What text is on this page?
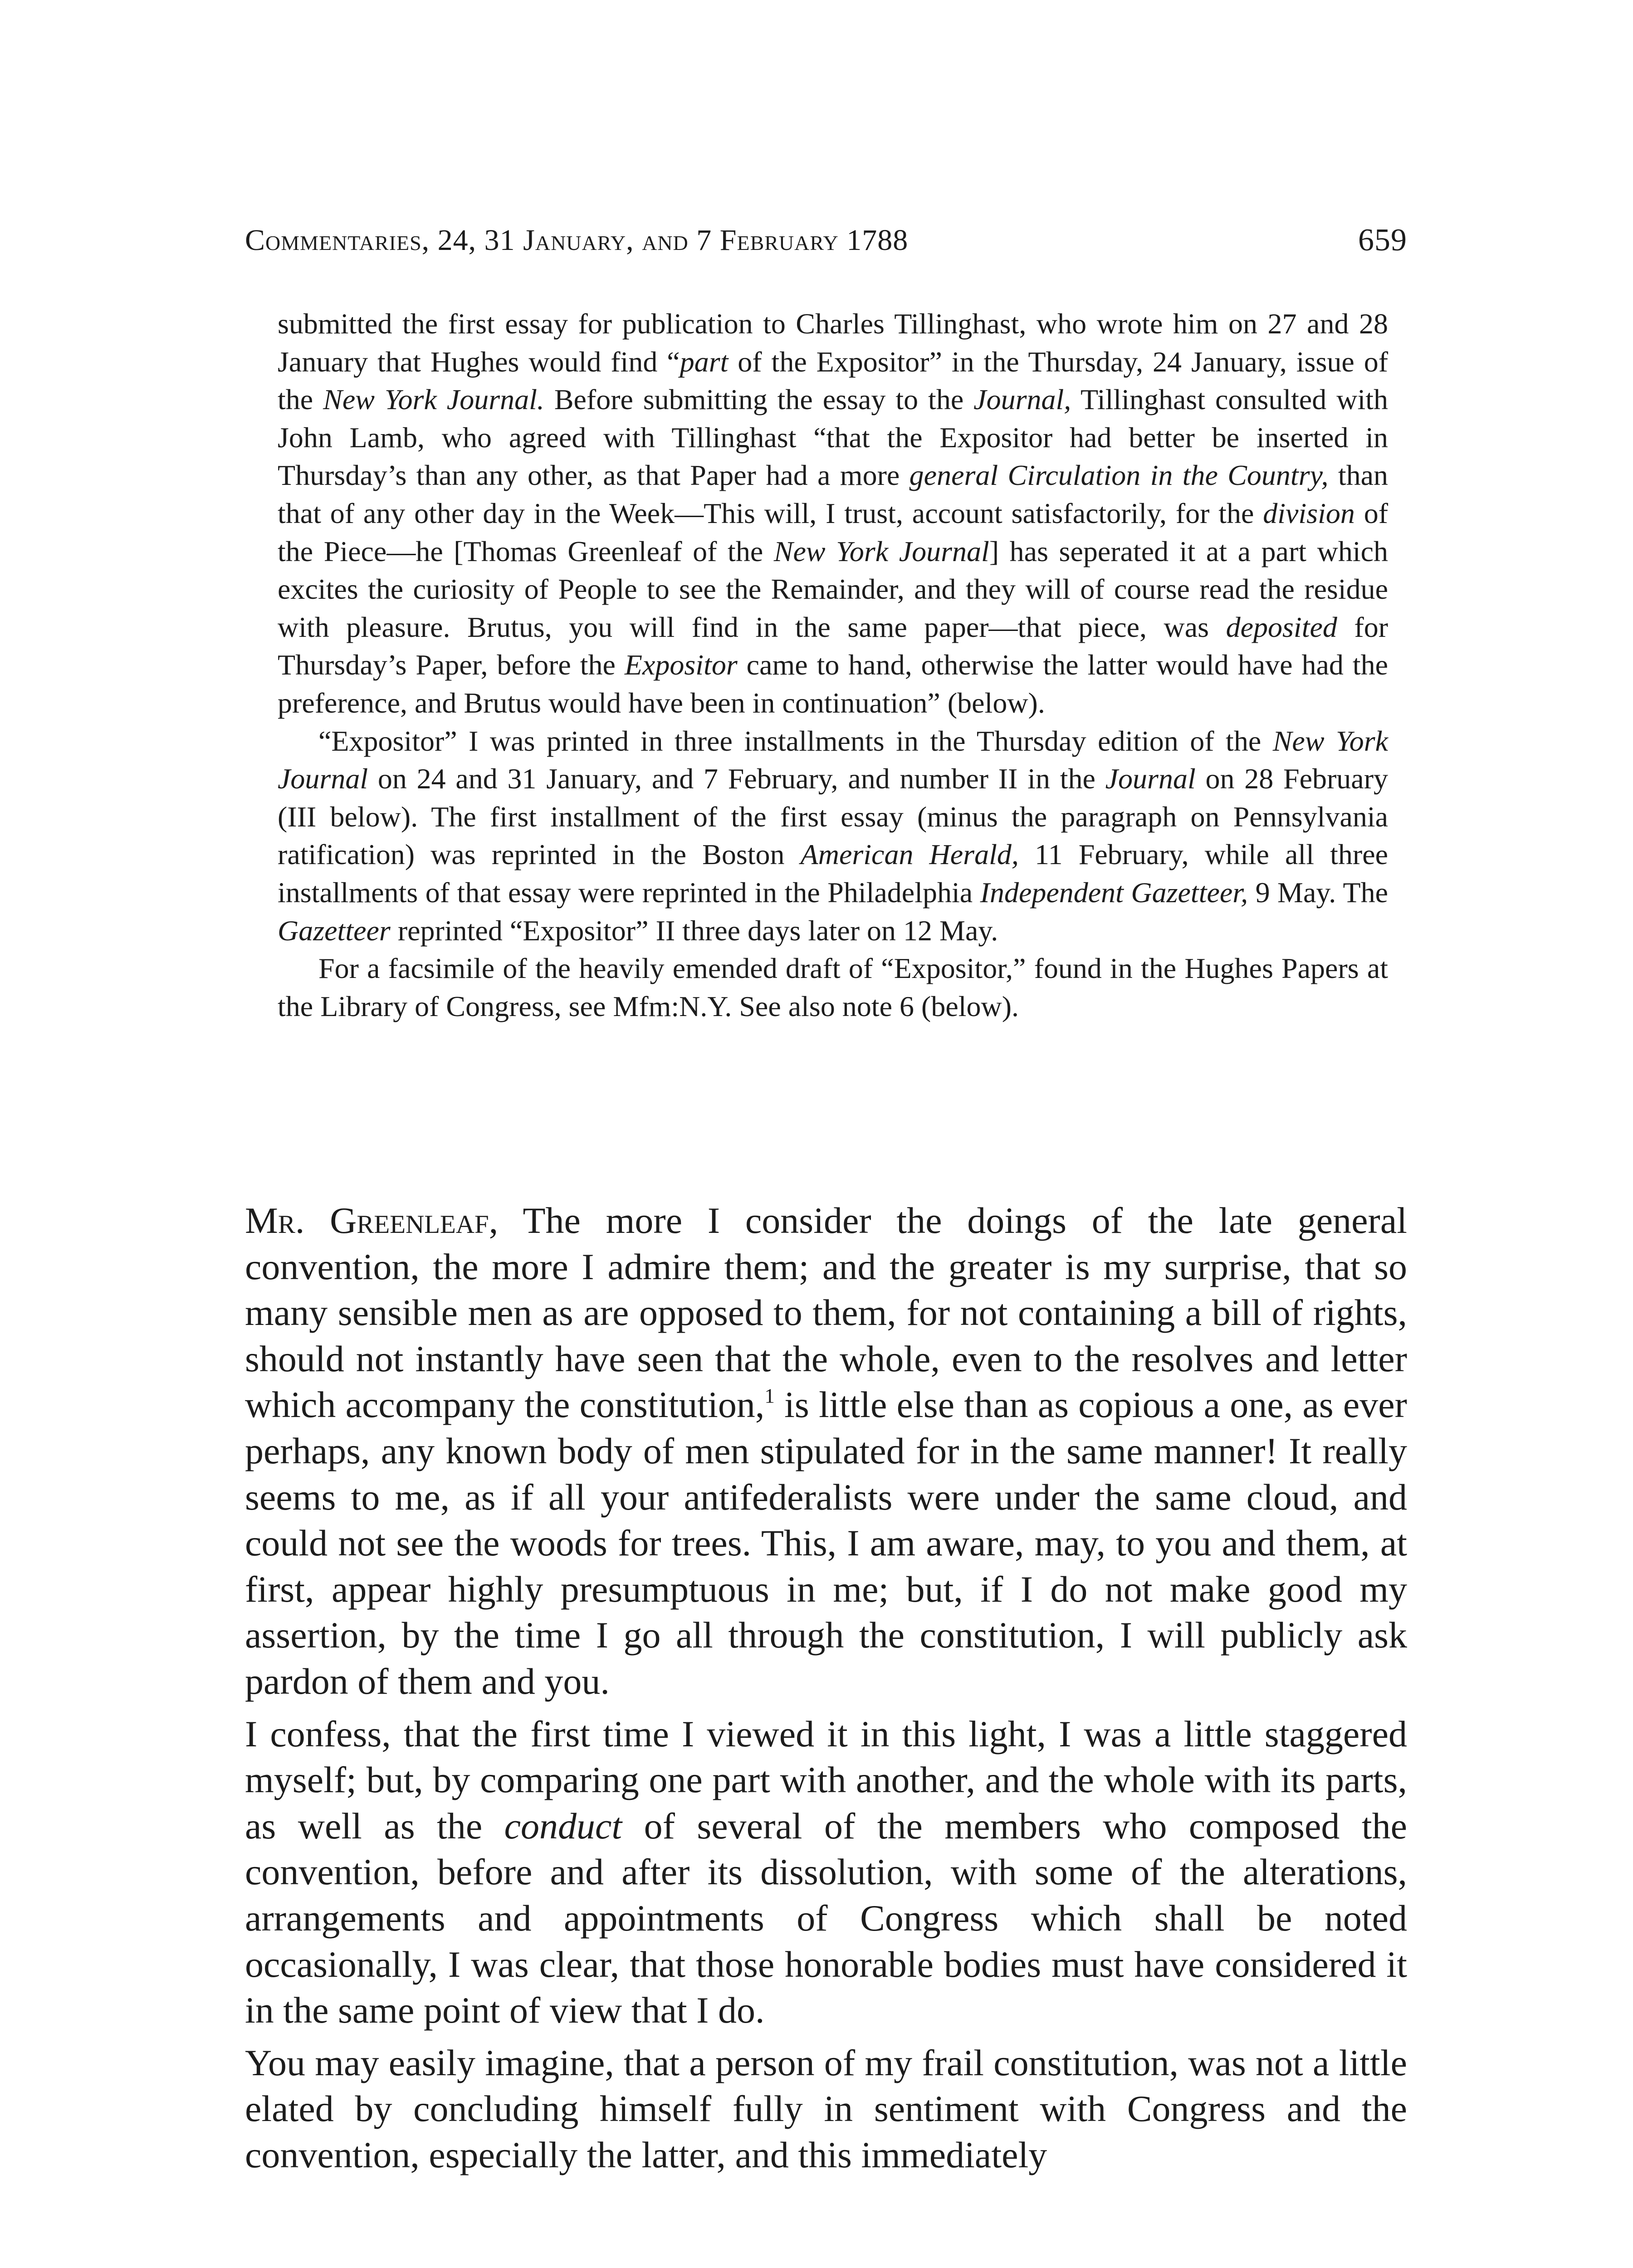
Commentaries, 24, 31 January, and 7 February 1788	659

submitted the first essay for publication to Charles Tillinghast, who wrote him on 27 and 28 January that Hughes would find “part of the Expositor” in the Thursday, 24 January, issue of the New York Journal. Before submitting the essay to the Journal, Tillinghast consulted with John Lamb, who agreed with Tillinghast “that the Expositor had better be inserted in Thursday’s than any other, as that Paper had a more general Circulation in the Country, than that of any other day in the Week—This will, I trust, account satisfactorily, for the division of the Piece—he [Thomas Greenleaf of the New York Journal] has seperated it at a part which excites the curiosity of People to see the Remainder, and they will of course read the residue with pleasure. Brutus, you will find in the same paper—that piece, was deposited for Thursday’s Paper, before the Expositor came to hand, otherwise the latter would have had the preference, and Brutus would have been in continuation” (below).

“Expositor” I was printed in three installments in the Thursday edition of the New York Journal on 24 and 31 January, and 7 February, and number II in the Journal on 28 February (III below). The first installment of the first essay (minus the paragraph on Pennsylvania ratification) was reprinted in the Boston American Herald, 11 February, while all three installments of that essay were reprinted in the Philadelphia Independent Gazetteer, 9 May. The Gazetteer reprinted “Expositor” II three days later on 12 May.

For a facsimile of the heavily emended draft of “Expositor,” found in the Hughes Papers at the Library of Congress, see Mfm:N.Y. See also note 6 (below).

Mr. Greenleaf, The more I consider the doings of the late general convention, the more I admire them; and the greater is my surprise, that so many sensible men as are opposed to them, for not containing a bill of rights, should not instantly have seen that the whole, even to the resolves and letter which accompany the constitution,$^1$ is little else than as copious a one, as ever perhaps, any known body of men stipulated for in the same manner! It really seems to me, as if all your antifederalists were under the same cloud, and could not see the woods for trees. This, I am aware, may, to you and them, at first, appear highly presumptuous in me; but, if I do not make good my assertion, by the time I go all through the constitution, I will publicly ask pardon of them and you.

I confess, that the first time I viewed it in this light, I was a little staggered myself; but, by comparing one part with another, and the whole with its parts, as well as the conduct of several of the members who composed the convention, before and after its dissolution, with some of the alterations, arrangements and appointments of Congress which shall be noted occasionally, I was clear, that those honorable bodies must have considered it in the same point of view that I do.

You may easily imagine, that a person of my frail constitution, was not a little elated by concluding himself fully in sentiment with Congress and the convention, especially the latter, and this immediately
